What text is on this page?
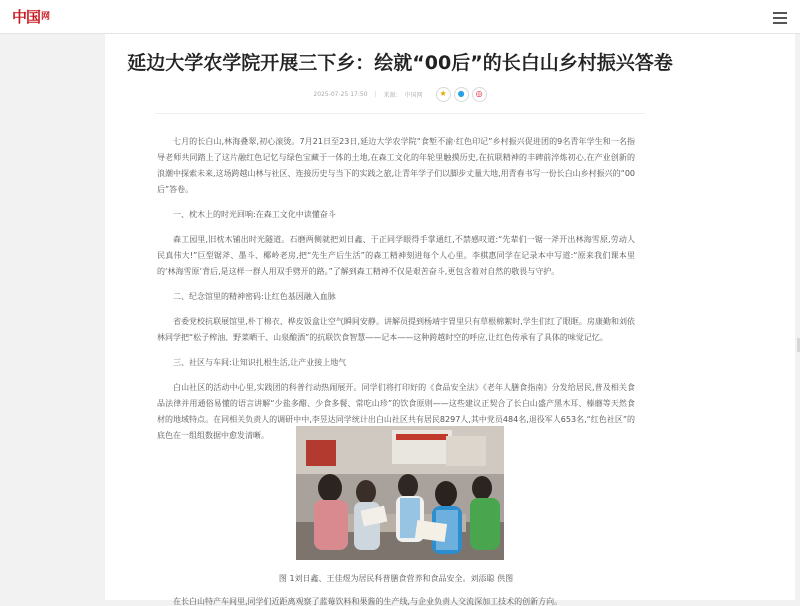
中国 网
延边大学农学院开展三下乡：绘就“00后”的长白山乡村振兴答卷
2025-07-25 17:50 | 来源： 中国网	★	●	◎

七月的长白山,林海叠翠,初心滚烫。7月21日至23日,延边大学农学院“食堑不渝·红色印记”乡村振兴促进团的9名青年学生和一名指导老师共同踏上了这片融红色记忆与绿色宝藏于一体的土地,在森工文化的年轮里触摸历史,在抗联精神的丰碑前淬炼初心,在产业创新的浪潮中探索未来,这场跨越山林与社区、连接历史与当下的实践之旅,让青年学子们以脚步丈量大地,用青春书写一份长白山乡村振兴的“00后”答卷。

一、枕木上的时光回响:在森工文化中读懂奋斗

森工园里,旧枕木铺出时光隧道。石磨两侧就把刘日鑫、于正同学眼得手掌通红,不禁感叹道:“先辈们一锯一斧开出林海雪原,劳动人民真伟大!”巨型锯斧、墨斗、椰岭老房,把“先生产后生活”的森工精神刻进每个人心里。李棋惠同学在记录本中写道:“原来我们课本里的‘林海雪原’背后,是这样一群人用双手劈开的路。”了解到森工精神不仅是艰苦奋斗,更包含着对自然的敬畏与守护。

二、纪念馆里的精神密码:让红色基因融入血脉

省委党校抗联展馆里,朴丁棉衣、桦皮饭盒让空气瞬间安静。讲解员提到杨靖宇胃里只有草根棉絮时,学生们红了眼眶。房康勤和刘依林同学把“松子榨油、野菜晒干、山泉酿酒”的抗联饮食智慧——记本——这种跨越时空的呼应,让红色传承有了具体的味觉记忆。

三、社区与车间:让知识扎根生活,让产业接上地气

白山社区的活动中心里,实践团的科普行动热闹展开。同学们将打印好的《食品安全法》《老年人膳食指南》分发给居民,普及相关食品法律并用通俗易懂的语言讲解“少盐多醋、少食多餐、常吃山珍”的饮食原则——这些建议正契合了长白山盛产黑木耳、榛蘑等天然食材的地域特点。在同相关负责人的调研中中,李昱达同学统计出白山社区共有居民8297人,其中党员484名,退役军人653名,“红色社区”的底色在一组组数据中愈发清晰。

图 1刘日鑫、王佳煜为居民科普膳食营养和食品安全。刘添聪 供图
在长白山特产车间里,同学们近距离观察了蓝莓饮料和果酱的生产线,与企业负责人交流深加工技术的创新方向。
